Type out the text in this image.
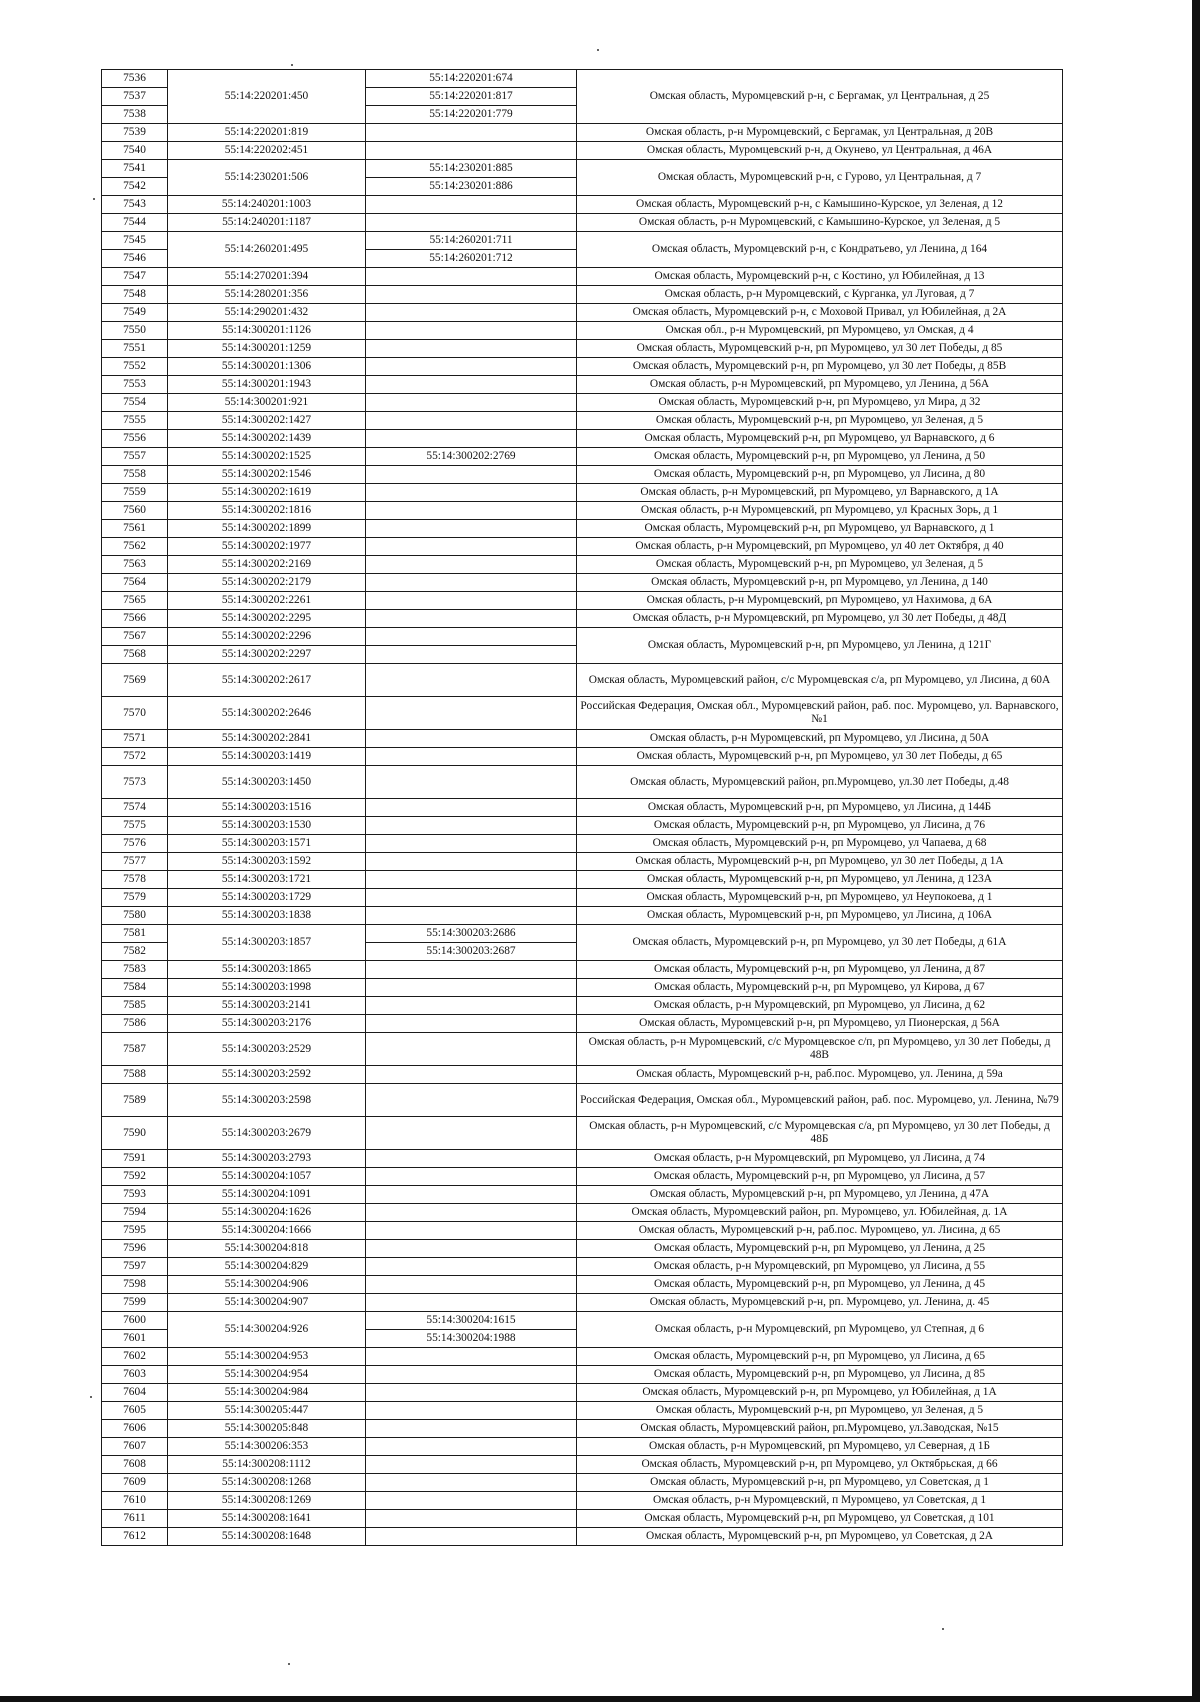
7536	55:14:220201:450	55:14:220201:674	Омская область, Муромцевский р-н, с Бергамак, ул Центральная, д 25
7537		55:14:220201:817	
7538		55:14:220201:779	
7539	55:14:220201:819		Омская область, р-н Муромцевский, с Бергамак, ул Центральная, д 20В
7540	55:14:220202:451		Омская область, Муромцевский р-н, д Окунево, ул Центральная, д 46А
7541	55:14:230201:506	55:14:230201:885	Омская область, Муромцевский р-н, с Гурово, ул Центральная, д 7
7542		55:14:230201:886	
7543	55:14:240201:1003		Омская область, Муромцевский р-н, с Камышино-Курское, ул Зеленая, д 12
7544	55:14:240201:1187		Омская область, р-н Муромцевский, с Камышино-Курское, ул Зеленая, д 5
7545	55:14:260201:495	55:14:260201:711	Омская область, Муромцевский р-н, с Кондратьево, ул Ленина, д 164
7546		55:14:260201:712	
7547	55:14:270201:394		Омская область, Муромцевский р-н, с Костино, ул Юбилейная, д 13
7548	55:14:280201:356		Омская область, р-н Муромцевский, с Курганка, ул Луговая, д 7
7549	55:14:290201:432		Омская область, Муромцевский р-н, с Моховой Привал, ул Юбилейная, д 2А
7550	55:14:300201:1126		Омская обл., р-н Муромцевский, рп Муромцево, ул Омская, д 4
7551	55:14:300201:1259		Омская область, Муромцевский р-н, рп Муромцево, ул 30 лет Победы, д 85
7552	55:14:300201:1306		Омская область, Муромцевский р-н, рп Муромцево, ул 30 лет Победы, д 85В
7553	55:14:300201:1943		Омская область, р-н Муромцевский, рп Муромцево, ул Ленина, д 56А
7554	55:14:300201:921		Омская область, Муромцевский р-н, рп Муромцево, ул Мира, д 32
7555	55:14:300202:1427		Омская область, Муромцевский р-н, рп Муромцево, ул Зеленая, д 5
7556	55:14:300202:1439		Омская область, Муромцевский р-н, рп Муромцево, ул Варнавского, д 6
7557	55:14:300202:1525	55:14:300202:2769	Омская область, Муромцевский р-н, рп Муромцево, ул Ленина, д 50
7558	55:14:300202:1546		Омская область, Муромцевский р-н, рп Муромцево, ул Лисина, д 80
7559	55:14:300202:1619		Омская область, р-н Муромцевский, рп Муромцево, ул Варнавского, д 1А
7560	55:14:300202:1816		Омская область, р-н Муромцевский, рп Муромцево, ул Красных Зорь, д 1
7561	55:14:300202:1899		Омская область, Муромцевский р-н, рп Муромцево, ул Варнавского, д 1
7562	55:14:300202:1977		Омская область, р-н Муромцевский, рп Муромцево, ул 40 лет Октября, д 40
7563	55:14:300202:2169		Омская область, Муромцевский р-н, рп Муромцево, ул Зеленая, д 5
7564	55:14:300202:2179		Омская область, Муромцевский р-н, рп Муромцево, ул Ленина, д 140
7565	55:14:300202:2261		Омская область, р-н Муромцевский, рп Муромцево, ул Нахимова, д 6А
7566	55:14:300202:2295		Омская область, р-н Муромцевский, рп Муромцево, ул 30 лет Победы, д 48Д
7567	55:14:300202:2296		Омская область, Муромцевский р-н, рп Муромцево, ул Ленина, д 121Г
7568	55:14:300202:2297		
7569	55:14:300202:2617		Омская область, Муромцевский район, с/с Муромцевская с/а, рп Муромцево, ул Лисина, д 60А
7570	55:14:300202:2646		Российская Федерация, Омская обл., Муромцевский район, раб. пос. Муромцево, ул. Варнавского, №1
7571	55:14:300202:2841		Омская область, р-н Муромцевский, рп Муромцево, ул Лисина, д 50А
7572	55:14:300203:1419		Омская область, Муромцевский р-н, рп Муромцево, ул 30 лет Победы, д 65
7573	55:14:300203:1450		Омская область, Муромцевский район, рп.Муромцево, ул.30 лет Победы, д.48
7574	55:14:300203:1516		Омская область, Муромцевский р-н, рп Муромцево, ул Лисина, д 144Б
7575	55:14:300203:1530		Омская область, Муромцевский р-н, рп Муромцево, ул Лисина, д 76
7576	55:14:300203:1571		Омская область, Муромцевский р-н, рп Муромцево, ул Чапаева, д 68
7577	55:14:300203:1592		Омская область, Муромцевский р-н, рп Муромцево, ул 30 лет Победы, д 1А
7578	55:14:300203:1721		Омская область, Муромцевский р-н, рп Муромцево, ул Ленина, д 123А
7579	55:14:300203:1729		Омская область, Муромцевский р-н, рп Муромцево, ул Неупокоева, д 1
7580	55:14:300203:1838		Омская область, Муромцевский р-н, рп Муромцево, ул Лисина, д 106А
7581	55:14:300203:1857	55:14:300203:2686	Омская область, Муромцевский р-н, рп Муромцево, ул 30 лет Победы, д 61А
7582		55:14:300203:2687	
7583	55:14:300203:1865		Омская область, Муромцевский р-н, рп Муромцево, ул Ленина, д 87
7584	55:14:300203:1998		Омская область, Муромцевский р-н, рп Муромцево, ул Кирова, д 67
7585	55:14:300203:2141		Омская область, р-н Муромцевский, рп Муромцево, ул Лисина, д 62
7586	55:14:300203:2176		Омская область, Муромцевский р-н, рп Муромцево, ул Пионерская, д 56А
7587	55:14:300203:2529		Омская область, р-н Муромцевский, с/с Муромцевское с/п, рп Муромцево, ул 30 лет Победы, д 48В
7588	55:14:300203:2592		Омская область, Муромцевский р-н, раб.пос. Муромцево, ул. Ленина, д 59а
7589	55:14:300203:2598		Российская Федерация, Омская обл., Муромцевский район, раб. пос. Муромцево, ул. Ленина, №79
7590	55:14:300203:2679		Омская область, р-н Муромцевский, с/с Муромцевская с/а, рп Муромцево, ул 30 лет Победы, д 48Б
7591	55:14:300203:2793		Омская область, р-н Муромцевский, рп Муромцево, ул Лисина, д 74
7592	55:14:300204:1057		Омская область, Муромцевский р-н, рп Муромцево, ул Лисина, д 57
7593	55:14:300204:1091		Омская область, Муромцевский р-н, рп Муромцево, ул Ленина, д 47А
7594	55:14:300204:1626		Омская область, Муромцевский район, рп. Муромцево, ул. Юбилейная, д. 1А
7595	55:14:300204:1666		Омская область, Муромцевский р-н, раб.пос. Муромцево, ул. Лисина, д 65
7596	55:14:300204:818		Омская область, Муромцевский р-н, рп Муромцево, ул Ленина, д 25
7597	55:14:300204:829		Омская область, р-н Муромцевский, рп Муромцево, ул Лисина, д 55
7598	55:14:300204:906		Омская область, Муромцевский р-н, рп Муромцево, ул Ленина, д 45
7599	55:14:300204:907		Омская область, Муромцевский р-н, рп. Муромцево, ул. Ленина, д. 45
7600	55:14:300204:926	55:14:300204:1615	Омская область, р-н Муромцевский, рп Муромцево, ул Степная, д 6
7601		55:14:300204:1988	
7602	55:14:300204:953		Омская область, Муромцевский р-н, рп Муромцево, ул Лисина, д 65
7603	55:14:300204:954		Омская область, Муромцевский р-н, рп Муромцево, ул Лисина, д 85
7604	55:14:300204:984		Омская область, Муромцевский р-н, рп Муромцево, ул Юбилейная, д 1А
7605	55:14:300205:447		Омская область, Муромцевский р-н, рп Муромцево, ул Зеленая, д 5
7606	55:14:300205:848		Омская область, Муромцевский район, рп.Муромцево, ул.Заводская, №15
7607	55:14:300206:353		Омская область, р-н Муромцевский, рп Муромцево, ул Северная, д 1Б
7608	55:14:300208:1112		Омская область, Муромцевский р-н, рп Муромцево, ул Октябрьская, д 66
7609	55:14:300208:1268		Омская область, Муромцевский р-н, рп Муромцево, ул Советская, д 1
7610	55:14:300208:1269		Омская область, р-н Муромцевский, п Муромцево, ул Советская, д 1
7611	55:14:300208:1641		Омская область, Муромцевский р-н, рп Муромцево, ул Советская, д 101
7612	55:14:300208:1648		Омская область, Муромцевский р-н, рп Муромцево, ул Советская, д 2А
